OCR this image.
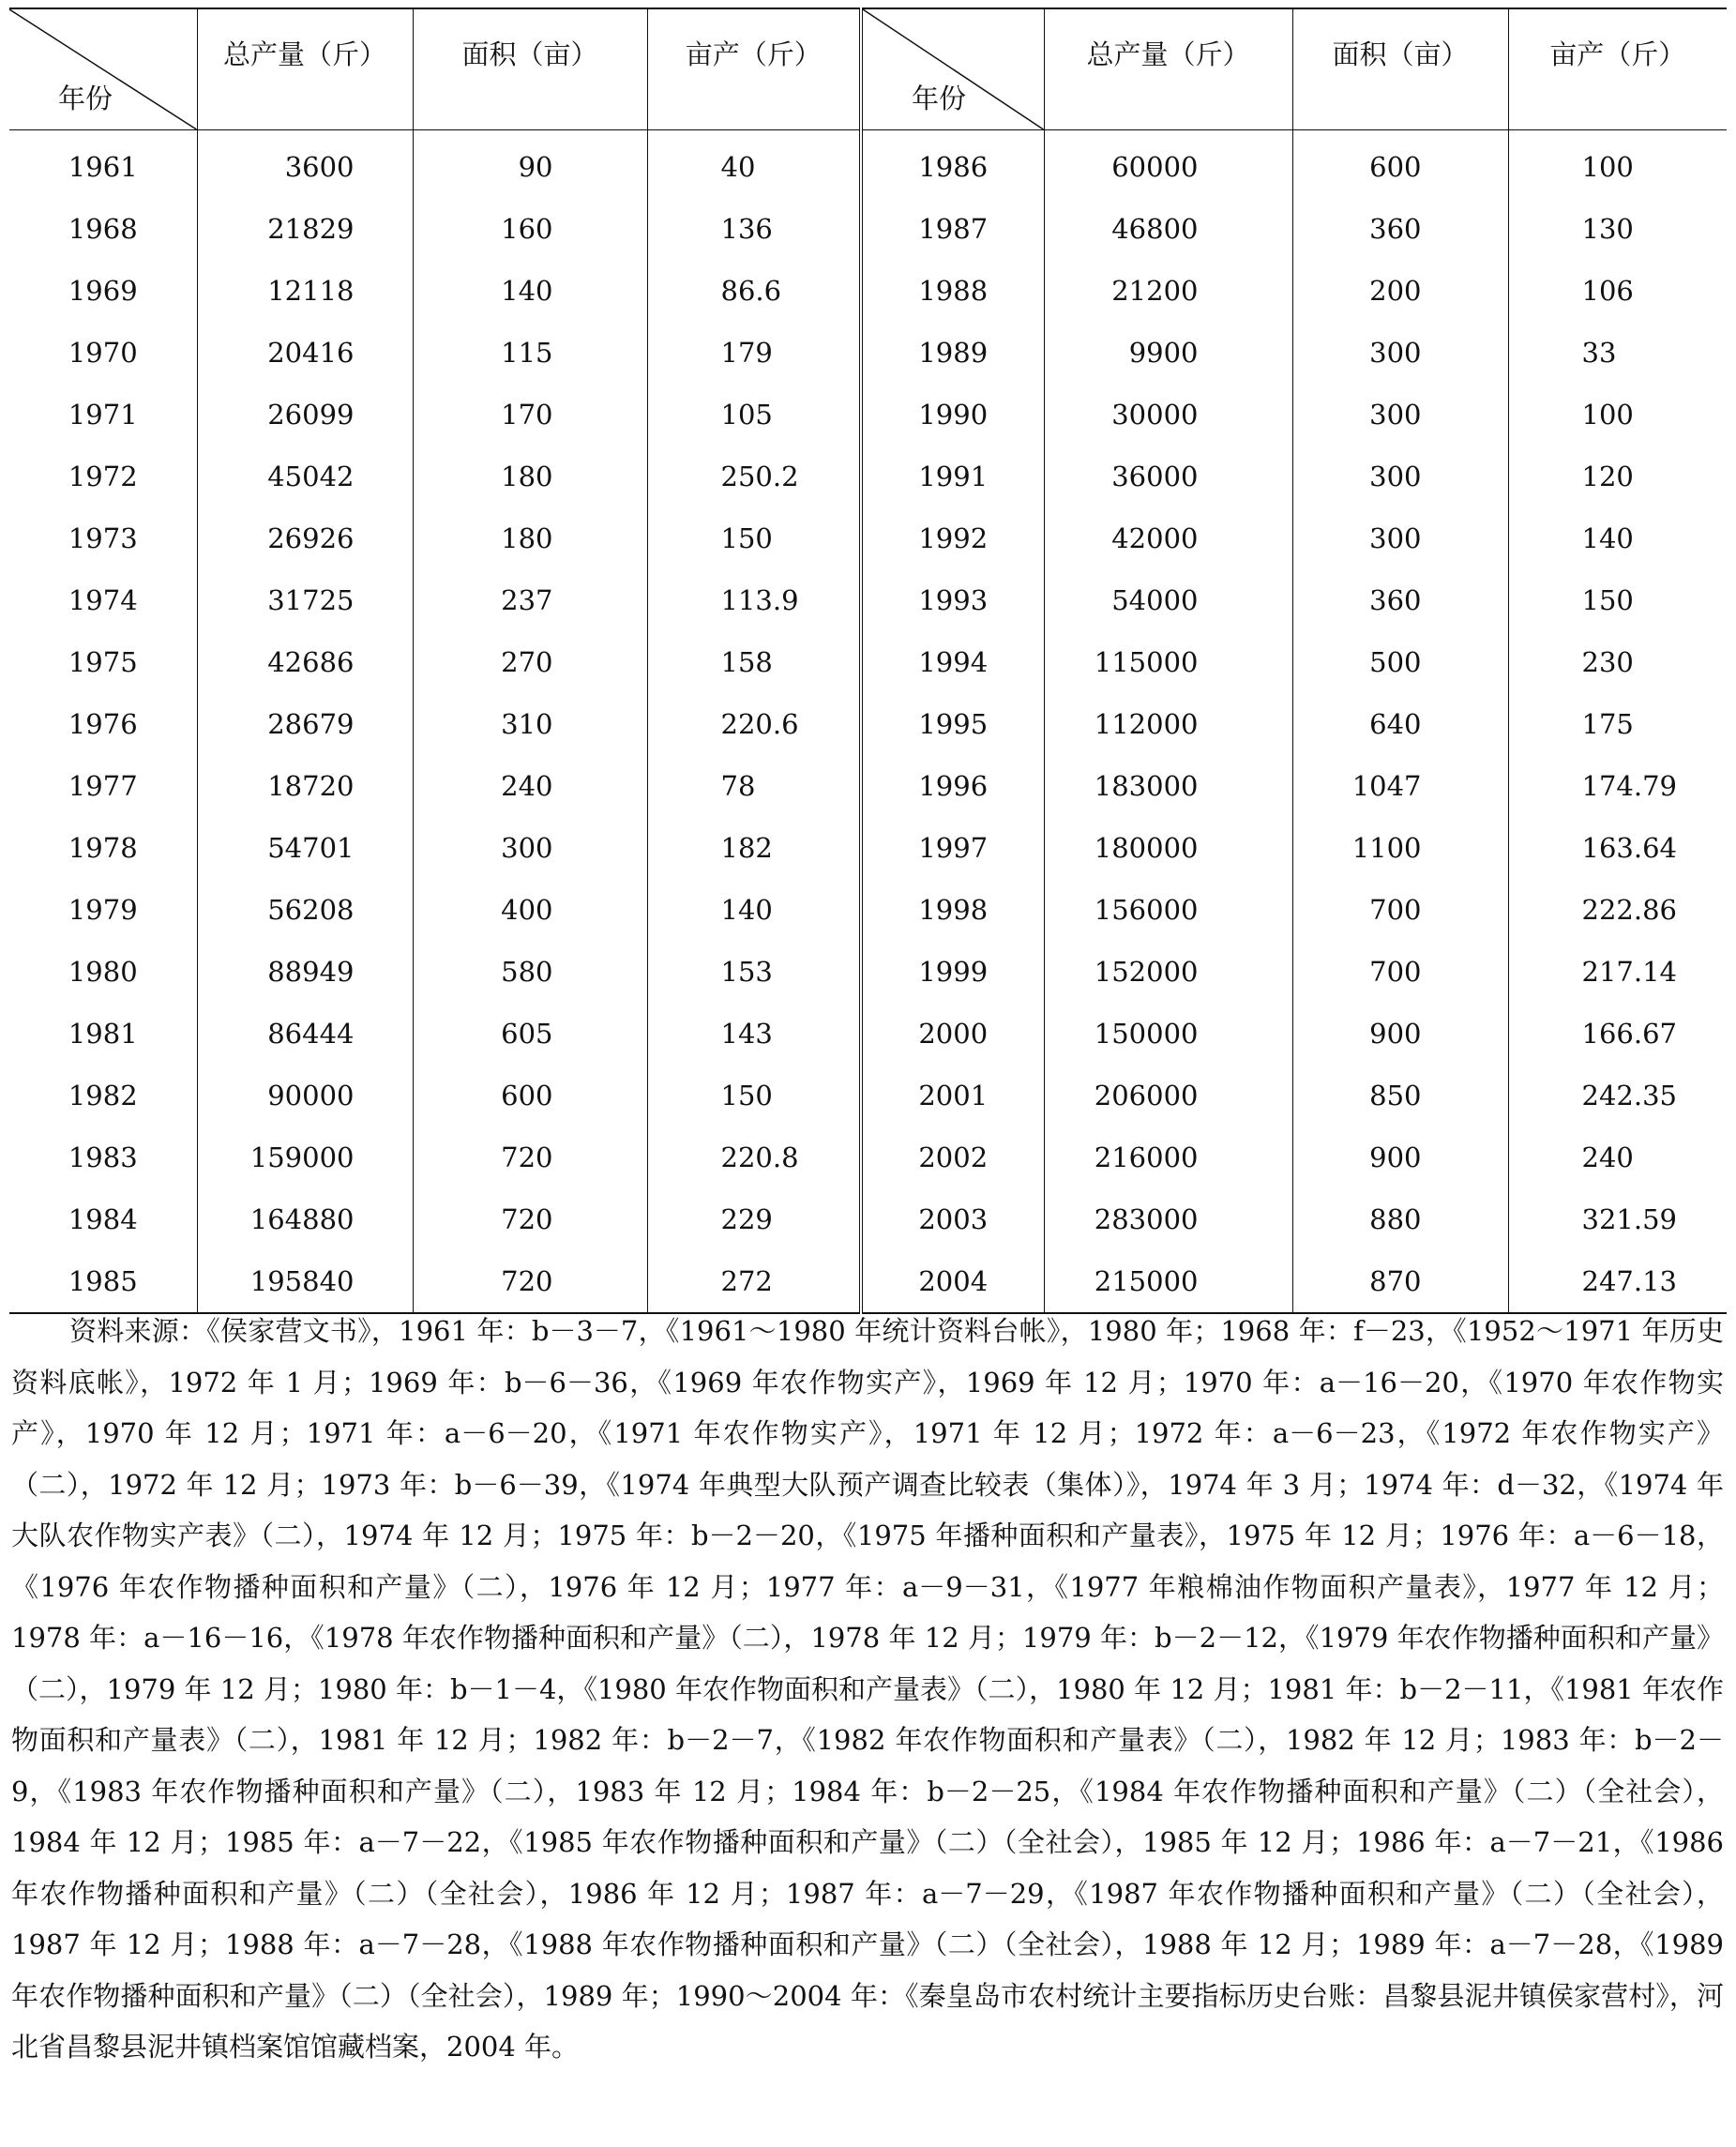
年份	总产量（斤）	面积（亩）	亩产（斤）	年份	总产量（斤）	面积（亩）	亩产（斤）
1961	3600	90	40	1986	60000	600	100
1968	21829	160	136	1987	46800	360	130
1969	12118	140	86.6	1988	21200	200	106
1970	20416	115	179	1989	9900	300	33
1971	26099	170	105	1990	30000	300	100
1972	45042	180	250.2	1991	36000	300	120
1973	26926	180	150	1992	42000	300	140
1974	31725	237	113.9	1993	54000	360	150
1975	42686	270	158	1994	115000	500	230
1976	28679	310	220.6	1995	112000	640	175
1977	18720	240	78	1996	183000	1047	174.79
1978	54701	300	182	1997	180000	1100	163.64
1979	56208	400	140	1998	156000	700	222.86
1980	88949	580	153	1999	152000	700	217.14
1981	86444	605	143	2000	150000	900	166.67
1982	90000	600	150	2001	206000	850	242.35
1983	159000	720	220.8	2002	216000	900	240
1984	164880	720	229	2003	283000	880	321.59
1985	195840	720	272	2004	215000	870	247.13

资料来源：《侯家营文书》，1961 年：b－3－7，《1961～1980 年统计资料台帐》，1980 年；1968 年：f－23，《1952～1971 年历史资料底帐》，1972 年 1 月；1969 年：b－6－36，《1969 年农作物实产》，1969 年 12 月；1970 年：a－16－20，《1970 年农作物实产》，1970 年 12 月；1971 年：a－6－20，《1971 年农作物实产》，1971 年 12 月；1972 年：a－6－23，《1972 年农作物实产》（二），1972 年 12 月；1973 年：b－6－39，《1974 年典型大队预产调查比较表（集体）》，1974 年 3 月；1974 年：d－32，《1974 年大队农作物实产表》（二），1974 年 12 月；1975 年：b－2－20，《1975 年播种面积和产量表》，1975 年 12 月；1976 年：a－6－18，《1976 年农作物播种面积和产量》（二），1976 年 12 月；1977 年：a－9－31，《1977 年粮棉油作物面积产量表》，1977 年 12 月；1978 年：a－16－16，《1978 年农作物播种面积和产量》（二），1978 年 12 月；1979 年：b－2－12，《1979 年农作物播种面积和产量》（二），1979 年 12 月；1980 年：b－1－4，《1980 年农作物面积和产量表》（二），1980 年 12 月；1981 年：b－2－11，《1981 年农作物面积和产量表》（二），1981 年 12 月；1982 年：b－2－7，《1982 年农作物面积和产量表》（二），1982 年 12 月；1983 年：b－2－9，《1983 年农作物播种面积和产量》（二），1983 年 12 月；1984 年：b－2－25，《1984 年农作物播种面积和产量》（二）（全社会），1984 年 12 月；1985 年：a－7－22，《1985 年农作物播种面积和产量》（二）（全社会），1985 年 12 月；1986 年：a－7－21，《1986 年农作物播种面积和产量》（二）（全社会），1986 年 12 月；1987 年：a－7－29，《1987 年农作物播种面积和产量》（二）（全社会），1987 年 12 月；1988 年：a－7－28，《1988 年农作物播种面积和产量》（二）（全社会），1988 年 12 月；1989 年：a－7－28，《1989 年农作物播种面积和产量》（二）（全社会），1989 年；1990～2004 年：《秦皇岛市农村统计主要指标历史台账：昌黎县泥井镇侯家营村》，河北省昌黎县泥井镇档案馆馆藏档案，2004 年。
